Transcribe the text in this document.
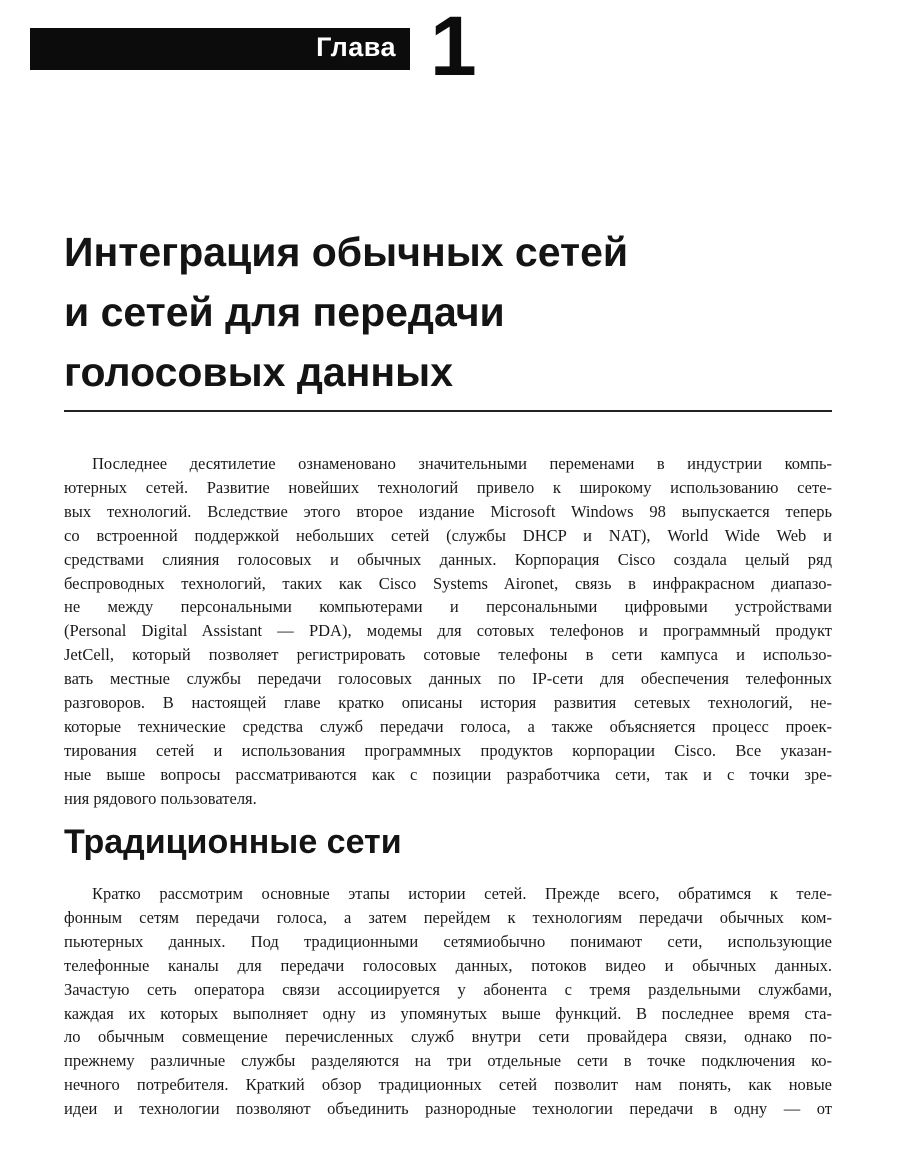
Глава 1
Интеграция обычных сетей
и сетей для передачи
голосовых данных

Последнее десятилетие ознаменовано значительными переменами в индустрии компь-
ютерных сетей. Развитие новейших технологий привело к широкому использованию сете-
вых технологий. Вследствие этого второе издание Microsoft Windows 98 выпускается теперь
со встроенной поддержкой небольших сетей (службы DHCP и NAT), World Wide Web и
средствами слияния голосовых и обычных данных. Корпорация Cisco создала целый ряд
беспроводных технологий, таких как Cisco Systems Aironet, связь в инфракрасном диапазо-
не между персональными компьютерами и персональными цифровыми устройствами
(Personal Digital Assistant — PDA), модемы для сотовых телефонов и программный продукт
JetCell, который позволяет регистрировать сотовые телефоны в сети кампуса и использо-
вать местные службы передачи голосовых данных по IP-сети для обеспечения телефонных
разговоров. В настоящей главе кратко описаны история развития сетевых технологий, не-
которые технические средства служб передачи голоса, а также объясняется процесс проек-
тирования сетей и использования программных продуктов корпорации Cisco. Все указан-
ные выше вопросы рассматриваются как с позиции разработчика сети, так и с точки зре-
ния рядового пользователя.

Традиционные сети

Кратко рассмотрим основные этапы истории сетей. Прежде всего, обратимся к теле-
фонным сетям передачи голоса, а затем перейдем к технологиям передачи обычных ком-
пьютерных данных. Под традиционными сетямиобычно понимают сети, использующие
телефонные каналы для передачи голосовых данных, потоков видео и обычных данных.
Зачастую сеть оператора связи ассоциируется у абонента с тремя раздельными службами,
каждая их которых выполняет одну из упомянутых выше функций. В последнее время ста-
ло обычным совмещение перечисленных служб внутри сети провайдера связи, однако по-
прежнему различные службы разделяются на три отдельные сети в точке подключения ко-
нечного потребителя. Краткий обзор традиционных сетей позволит нам понять, как новые
идеи и технологии позволяют объединить разнородные технологии передачи в одну — от
